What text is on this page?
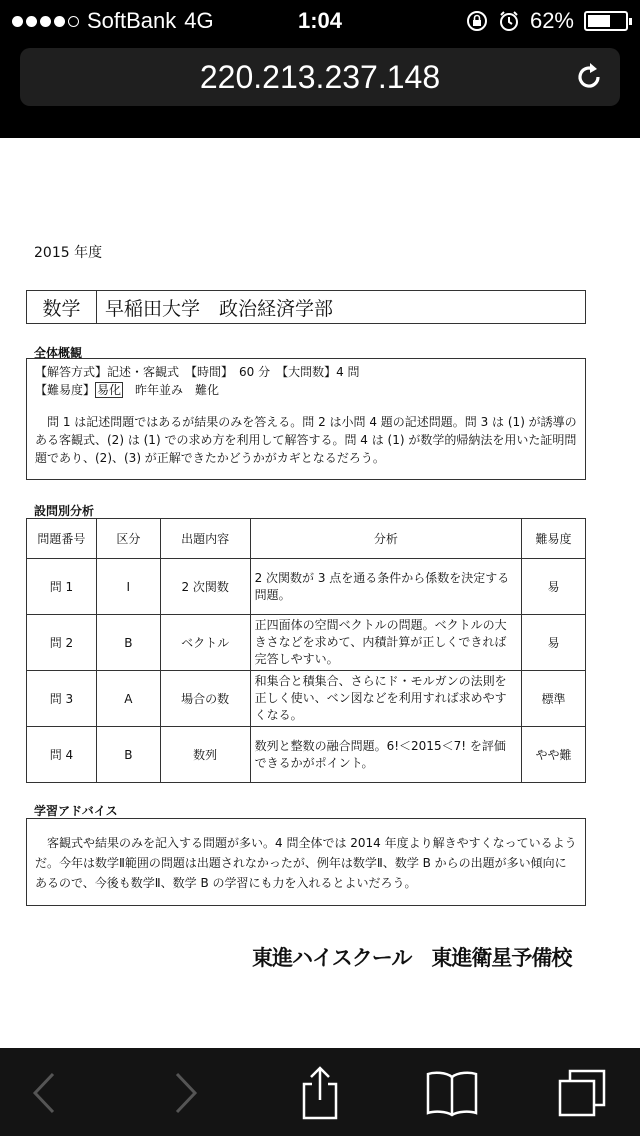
SoftBank 4G	1:04	62%
220.213.237.148
2015 年度
数学	早稲田大学　政治経済学部
全体概観
【解答方式】記述・客観式　【時間】　60 分　【大問数】4 問
【難易度】 易化　昨年並み　難化
問 1 は記述問題ではあるが結果のみを答える。問 2 は小問 4 題の記述問題。問 3 は (1) が誘導のある客観式、(2) は (1) での求め方を利用して解答する。問 4 は (1) が数学的帰納法を用いた証明問題であり、(2)、(3) が正解できたかどうかがカギとなるだろう。
設問別分析
問題番号	区分	出題内容	分析	難易度
問 1	I	2 次関数	2 次関数が 3 点を通る条件から係数を決定する問題。	易
問 2	B	ベクトル	正四面体の空間ベクトルの問題。ベクトルの大きさなどを求めて、内積計算が正しくできれば完答しやすい。	易
問 3	A	場合の数	和集合と積集合、さらにド・モルガンの法則を正しく使い、ベン図などを利用すれば求めやすくなる。	標準
問 4	B	数列	数列と整数の融合問題。6!＜2015＜7! を評価できるかがポイント。	やや難
学習アドバイス
客観式や結果のみを記入する問題が多い。4 問全体では 2014 年度より解きやすくなっているようだ。今年は数学Ⅱ範囲の問題は出題されなかったが、例年は数学Ⅱ、数学 B からの出題が多い傾向にあるので、今後も数学Ⅱ、数学 B の学習にも力を入れるとよいだろう。
東進ハイスクール　東進衛星予備校
